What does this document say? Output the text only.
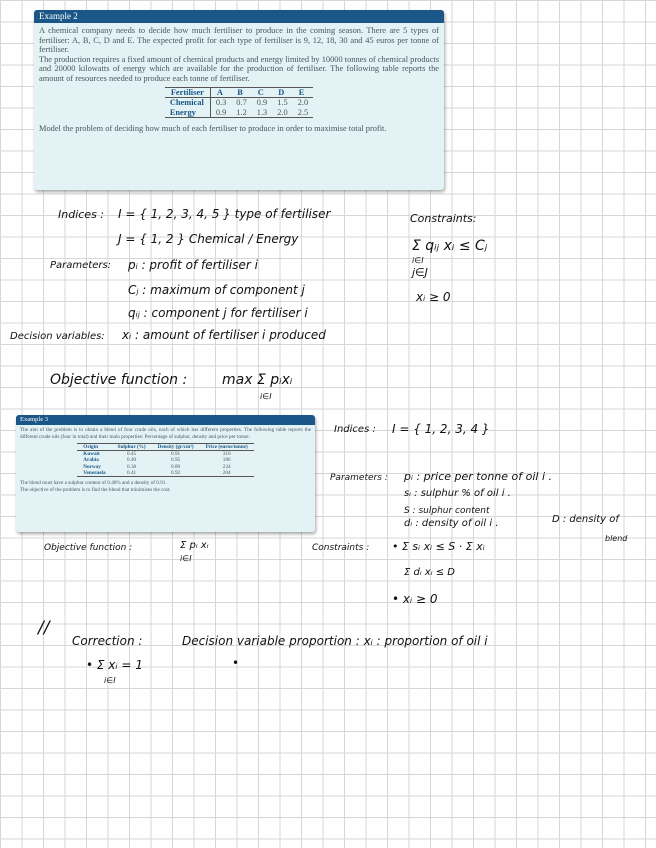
Example 2

A chemical company needs to decide how much fertiliser to produce in the coming season. There are 5 types of fertiliser: A, B, C, D and E. The expected profit for each type of fertiliser is 9, 12, 18, 30 and 45 euros per tonne of fertiliser.

The production requires a fixed amount of chemical products and energy limited by 10000 tonnes of chemical products and 20000 kilowatts of energy which are available for the production of fertiliser. The following table reports the amount of resources needed to produce each tonne of fertiliser.

Fertiliser	A	B	C	D	E
Chemical	0.3	0.7	0.9	1.5	2.0
Energy	0.9	1.2	1.3	2.0	2.5

Model the problem of deciding how much of each fertiliser to produce in order to maximise total profit.

Indices : I = { 1, 2, 3, 4, 5 } type of fertiliser
J = { 1, 2 } Chemical / Energy
Parameters: pᵢ : profit of fertiliser i
Cⱼ : maximum of component j
qᵢⱼ : component j for fertiliser i
Decision variables: xᵢ : amount of fertiliser i produced
Objective function : max Σ pᵢxᵢ
i∈I
Constraints:
Σ qᵢⱼ xᵢ ≤ Cⱼ
i∈I
j∈J
xᵢ ≥ 0
Example 3

The aim of the problem is to obtain a blend of four crude oils, each of which has different properties. The following table reports the different crude oils (four in total) and their main properties: Percentage of sulphur, density and price per tonne:

Origin	Sulphur (%)	Density (gr/cm³)	Price (euros/tonne)
Kuwait	0.45	0.91	310
Arabia	0.40	0.95	186
Norway	0.38	0.89	234
Venezuela	0.41	0.92	204

The blend must have a sulphur content of 0.40% and a density of 0.91.

The objective of the problem is to find the blend that minimises the cost.

Indices : I = { 1, 2, 3, 4 }
Parameters : pᵢ : price per tonne of oil i .
sᵢ : sulphur % of oil i .
S : sulphur content
dᵢ : density of oil i .	D : density of
blend
Objective function :	Σ pᵢ xᵢ
i∈I
Constraints : • Σ sᵢ xᵢ ≤ S · Σ xᵢ
Σ dᵢ xᵢ ≤ D
• xᵢ ≥ 0
//
Correction :	Decision variable proportion : xᵢ : proportion of oil i
• Σ xᵢ = 1
i∈I
•
